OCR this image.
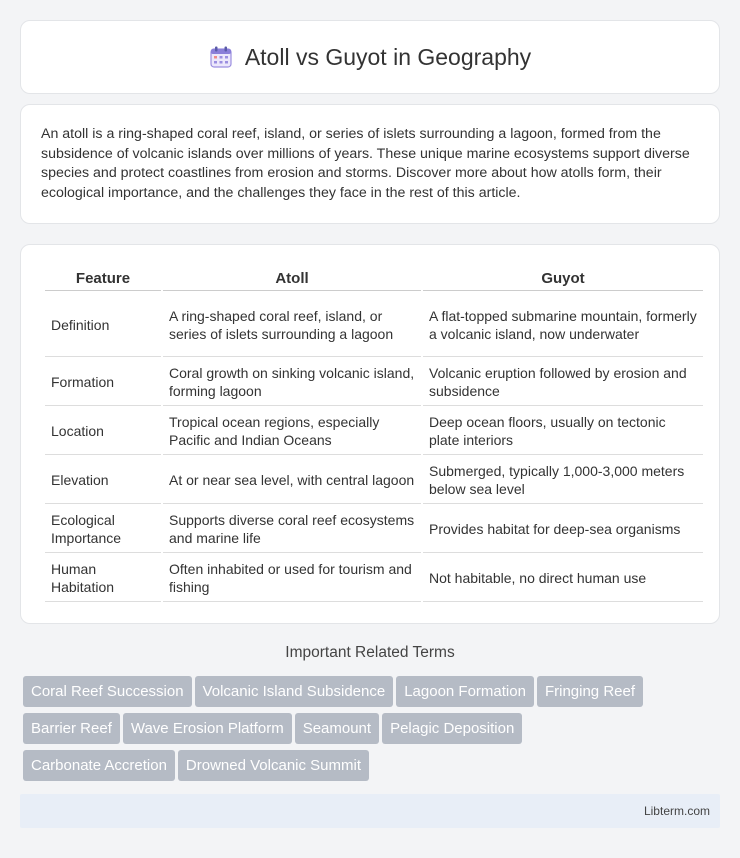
Atoll vs Guyot in Geography

An atoll is a ring-shaped coral reef, island, or series of islets surrounding a lagoon, formed from the subsidence of volcanic islands over millions of years. These unique marine ecosystems support diverse species and protect coastlines from erosion and storms. Discover more about how atolls form, their ecological importance, and the challenges they face in the rest of this article.

Feature	Atoll	Guyot
Definition	A ring-shaped coral reef, island, or series of islets surrounding a lagoon	A flat-topped submarine mountain, formerly a volcanic island, now underwater
Formation	Coral growth on sinking volcanic island, forming lagoon	Volcanic eruption followed by erosion and subsidence
Location	Tropical ocean regions, especially Pacific and Indian Oceans	Deep ocean floors, usually on tectonic plate interiors
Elevation	At or near sea level, with central lagoon	Submerged, typically 1,000-3,000 meters below sea level
Ecological Importance	Supports diverse coral reef ecosystems and marine life	Provides habitat for deep-sea organisms
Human Habitation	Often inhabited or used for tourism and fishing	Not habitable, no direct human use
Important Related Terms
Coral Reef Succession Volcanic Island Subsidence Lagoon Formation Fringing Reef
Barrier Reef Wave Erosion Platform Seamount Pelagic Deposition
Carbonate Accretion Drowned Volcanic Summit
Libterm.com
